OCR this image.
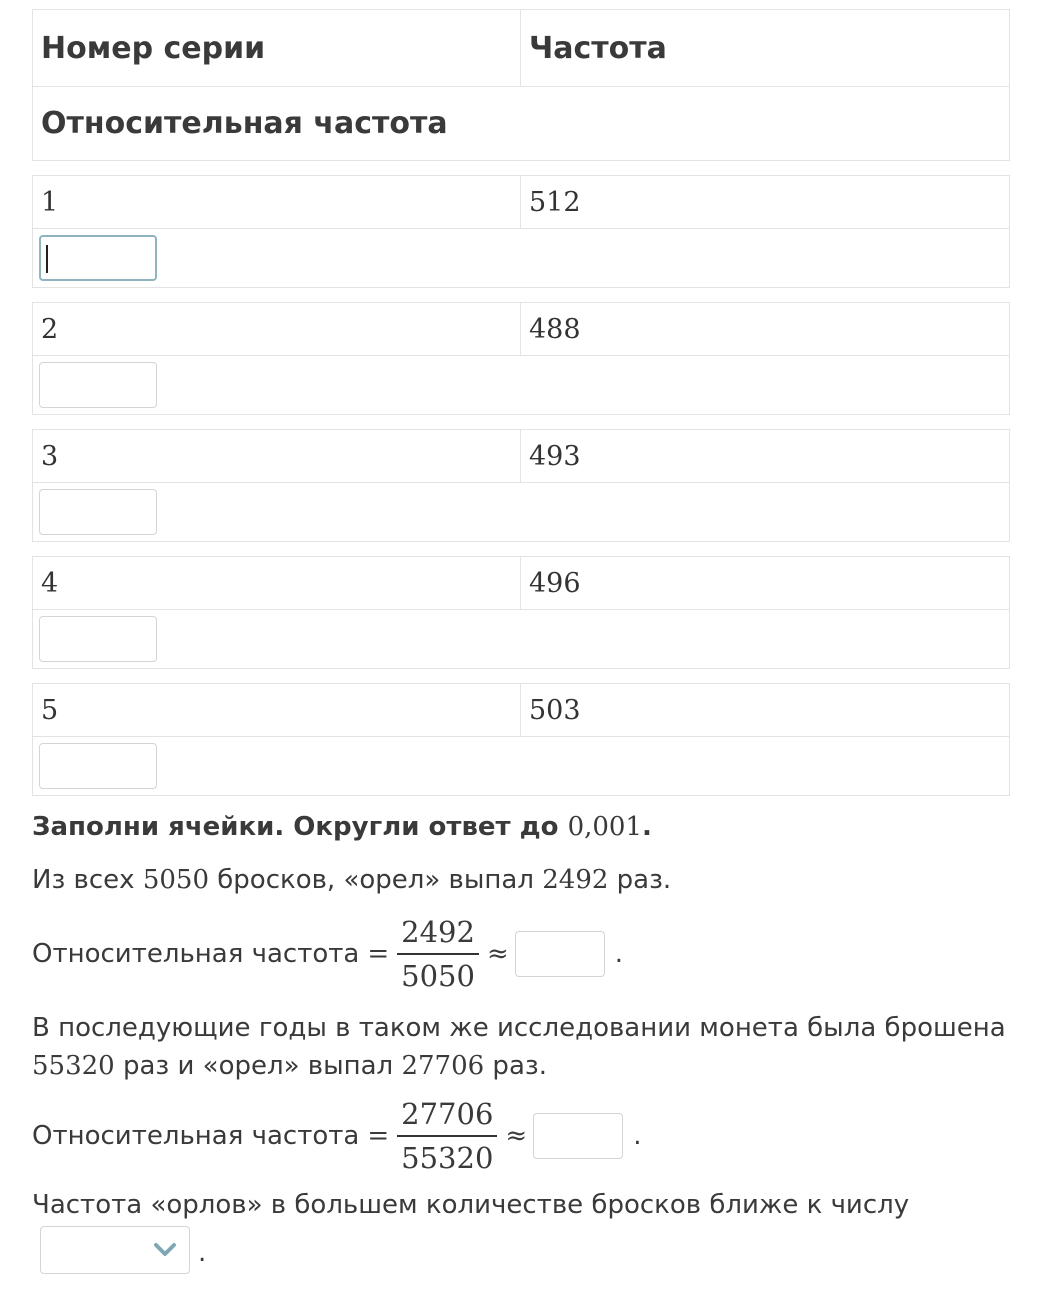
Номер серии	Частота
Относительная частота
1	512
2	488
3	493
4	496
5	503
Заполни ячейки. Округли ответ до 0,001.
Из всех 5050 бросков, «орел» выпал 2492 раз.
Относительная частота = $\frac{2492}{5050}$ ≈	.
В последующие годы в таком же исследовании монета была брошена
55320 раз и «орел» выпал 27706 раз.
Относительная частота = $\frac{27706}{55320}$ ≈	.
Частота «орлов» в большем количестве бросков ближе к числу
.
